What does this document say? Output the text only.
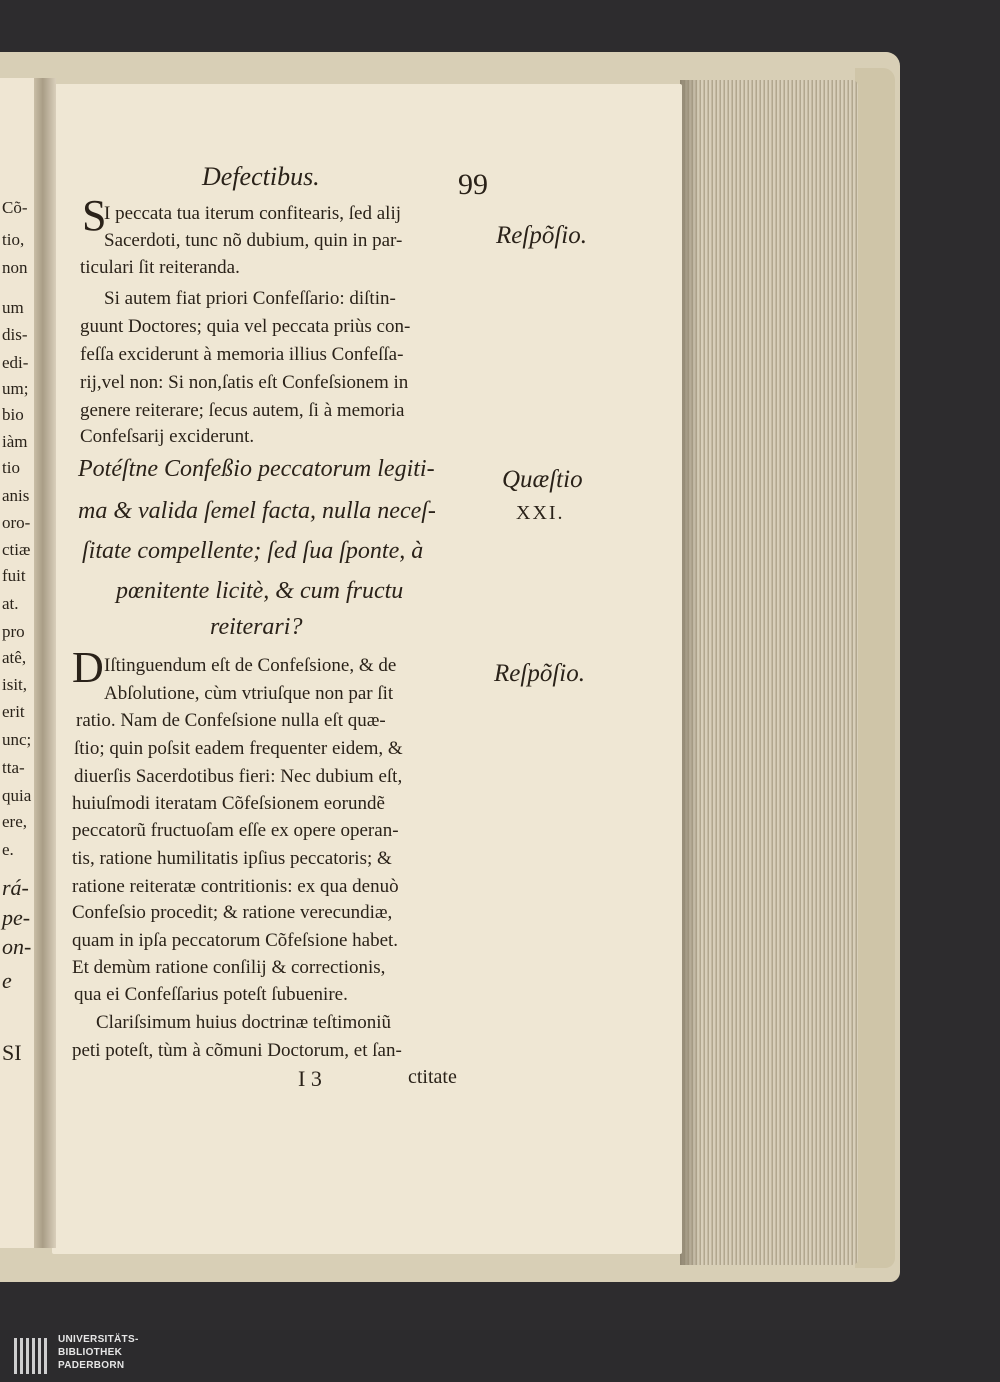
Cõ-
tio,
non
um
dis-
edi-
um;
bio
iàm
tio
anis
oro-
ctiæ
fuit
at.
pro
atê,
isit,
erit
unc;
tta-
quia
ere,
e.
rá-
pe-
on-
e
SI
Defectibus.	99
Reſpõſio.
Quæſtio
XXI.
Reſpõſio.
S
I peccata tua iterum confitearis, ſed alij
Sacerdoti, tunc nõ dubium, quin in par-
ticulari ſit reiteranda.
Si autem fiat priori Confeſſario: diſtin-
guunt Doctores; quia vel peccata priùs con-
feſſa exciderunt à memoria illius Confeſſa-
rij,vel non: Si non,ſatis eſt Confeſsionem in
genere reiterare; ſecus autem, ſi à memoria
Confeſsarij exciderunt.
Potéſtne Confeßio peccatorum legiti-
ma & valida ſemel facta, nulla neceſ-
ſitate compellente; ſed ſua ſponte, à
pœnitente licitè, & cum fructu
reiterari?
D Iſtinguendum eſt de Confeſsione, & de
Abſolutione, cùm vtriuſque non par ſit
ratio. Nam de Confeſsione nulla eſt quæ-
ſtio; quin poſsit eadem frequenter eidem, &
diuerſis Sacerdotibus fieri: Nec dubium eſt,
huiuſmodi iteratam Cõfeſsionem eorundẽ
peccatorũ fructuoſam eſſe ex opere operan-
tis, ratione humilitatis ipſius peccatoris; &
ratione reiteratæ contritionis: ex qua denuò
Confeſsio procedit; & ratione verecundiæ,
quam in ipſa peccatorum Cõfeſsione habet.
Et demùm ratione conſilij & correctionis,
qua ei Confeſſarius poteſt ſubuenire.
Clariſsimum huius doctrinæ teſtimoniũ
peti poteſt, tùm à cõmuni Doctorum, et ſan-
I 3	ctitate
UNIVERSITÄTS-
BIBLIOTHEK
PADERBORN
